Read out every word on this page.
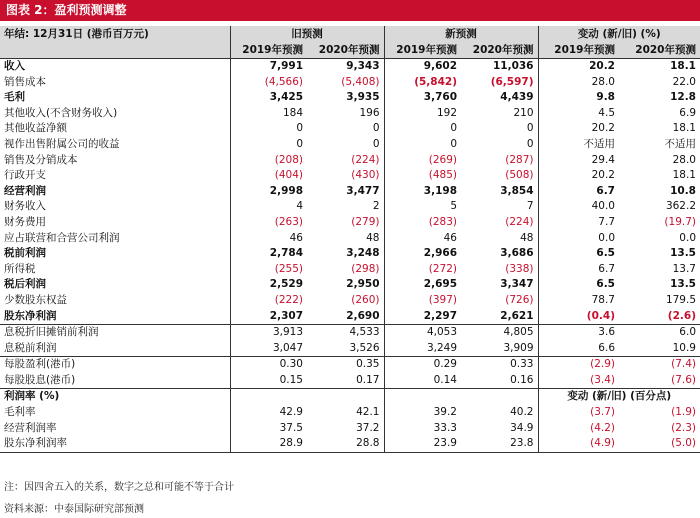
图表 2：盈利预测调整
年结: 12月31日 (港币百万元)	旧预测		新预测		变动 (新/旧) (%)	
	2019年预测	2020年预测	2019年预测	2020年预测	2019年预测	2020年预测
收入	7,991	9,343	9,602	11,036	20.2	18.1
销售成本	(4,566)	(5,408)	(5,842)	(6,597)	28.0	22.0
毛利	3,425	3,935	3,760	4,439	9.8	12.8
其他收入(不含财务收入)	184	196	192	210	4.5	6.9
其他收益净额	0	0	0	0	20.2	18.1
视作出售附属公司的收益	0	0	0	0	不适用	不适用
销售及分销成本	(208)	(224)	(269)	(287)	29.4	28.0
行政开支	(404)	(430)	(485)	(508)	20.2	18.1
经营利润	2,998	3,477	3,198	3,854	6.7	10.8
财务收入	4	2	5	7	40.0	362.2
财务费用	(263)	(279)	(283)	(224)	7.7	(19.7)
应占联营和合营公司利润	46	48	46	48	0.0	0.0
税前利润	2,784	3,248	2,966	3,686	6.5	13.5
所得税	(255)	(298)	(272)	(338)	6.7	13.7
税后利润	2,529	2,950	2,695	3,347	6.5	13.5
少数股东权益	(222)	(260)	(397)	(726)	78.7	179.5
股东净利润	2,307	2,690	2,297	2,621	(0.4)	(2.6)
息税折旧摊销前利润	3,913	4,533	4,053	4,805	3.6	6.0
息税前利润	3,047	3,526	3,249	3,909	6.6	10.9
每股盈利(港币)	0.30	0.35	0.29	0.33	(2.9)	(7.4)
每股股息(港币)	0.15	0.17	0.14	0.16	(3.4)	(7.6)
利润率 (%)					变动 (新/旧) (百分点)	
毛利率	42.9	42.1	39.2	40.2	(3.7)	(1.9)
经营利润率	37.5	37.2	33.3	34.9	(4.2)	(2.3)
股东净利润率	28.9	28.8	23.9	23.8	(4.9)	(5.0)
注：因四舍五入的关系，数字之总和可能不等于合计
资料来源：中泰国际研究部预测
